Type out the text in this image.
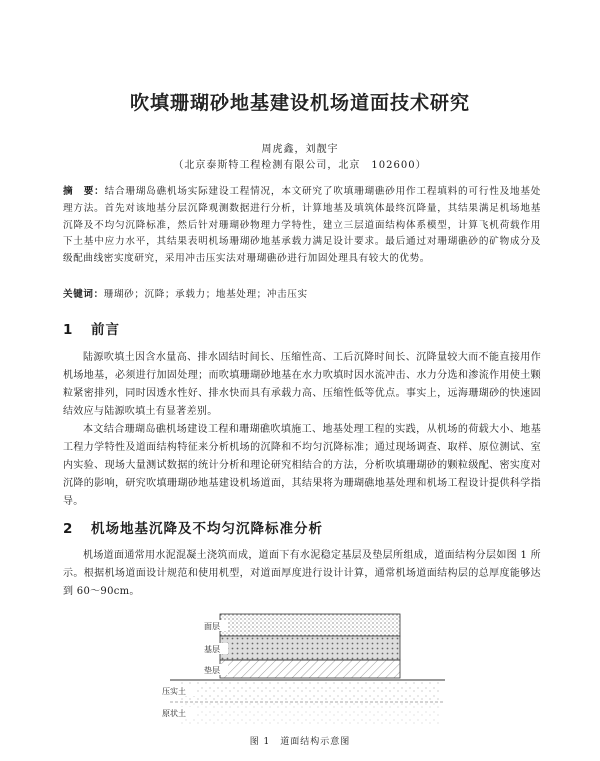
吹填珊瑚砂地基建设机场道面技术研究
周虎鑫，刘靓宇
（北京泰斯特工程检测有限公司，北京　102600）
摘　要：结合珊瑚岛礁机场实际建设工程情况，本文研究了吹填珊瑚礁砂用作工程填料的可行性及地基处理方法。首先对该地基分层沉降观测数据进行分析，计算地基及填筑体最终沉降量，其结果满足机场地基沉降及不均匀沉降标准，然后针对珊瑚砂物理力学特性，建立三层道面结构体系模型，计算飞机荷载作用下土基中应力水平，其结果表明机场珊瑚砂地基承载力满足设计要求。最后通过对珊瑚礁砂的矿物成分及级配曲线密实度研究，采用冲击压实法对珊瑚礁砂进行加固处理具有较大的优势。
关键词：珊瑚砂；沉降；承载力；地基处理；冲击压实
1 前言
陆源吹填土因含水量高、排水固结时间长、压缩性高、工后沉降时间长、沉降量较大而不能直接用作机场地基，必须进行加固处理；而吹填珊瑚砂地基在水力吹填时因水流冲击、水力分选和渗流作用使土颗粒紧密排列，同时因透水性好、排水快而具有承载力高、压缩性低等优点。事实上，远海珊瑚砂的快速固结效应与陆源吹填土有显著差别。
本文结合珊瑚岛礁机场建设工程和珊瑚礁吹填施工、地基处理工程的实践，从机场的荷载大小、地基工程力学特性及道面结构特征来分析机场的沉降和不均匀沉降标准；通过现场调查、取样、原位测试、室内实验、现场大量测试数据的统计分析和理论研究相结合的方法，分析吹填珊瑚砂的颗粒级配、密实度对沉降的影响，研究吹填珊瑚砂地基建设机场道面，其结果将为珊瑚礁地基处理和机场工程设计提供科学指导。
2 机场地基沉降及不均匀沉降标准分析
机场道面通常用水泥混凝土浇筑而成，道面下有水泥稳定基层及垫层所组成，道面结构分层如图 1 所示。根据机场道面设计规范和使用机型，对道面厚度进行设计计算，通常机场道面结构层的总厚度能够达到 60～90cm。
面层
基层
垫层
压实土
原状土
图 1 道面结构示意图
